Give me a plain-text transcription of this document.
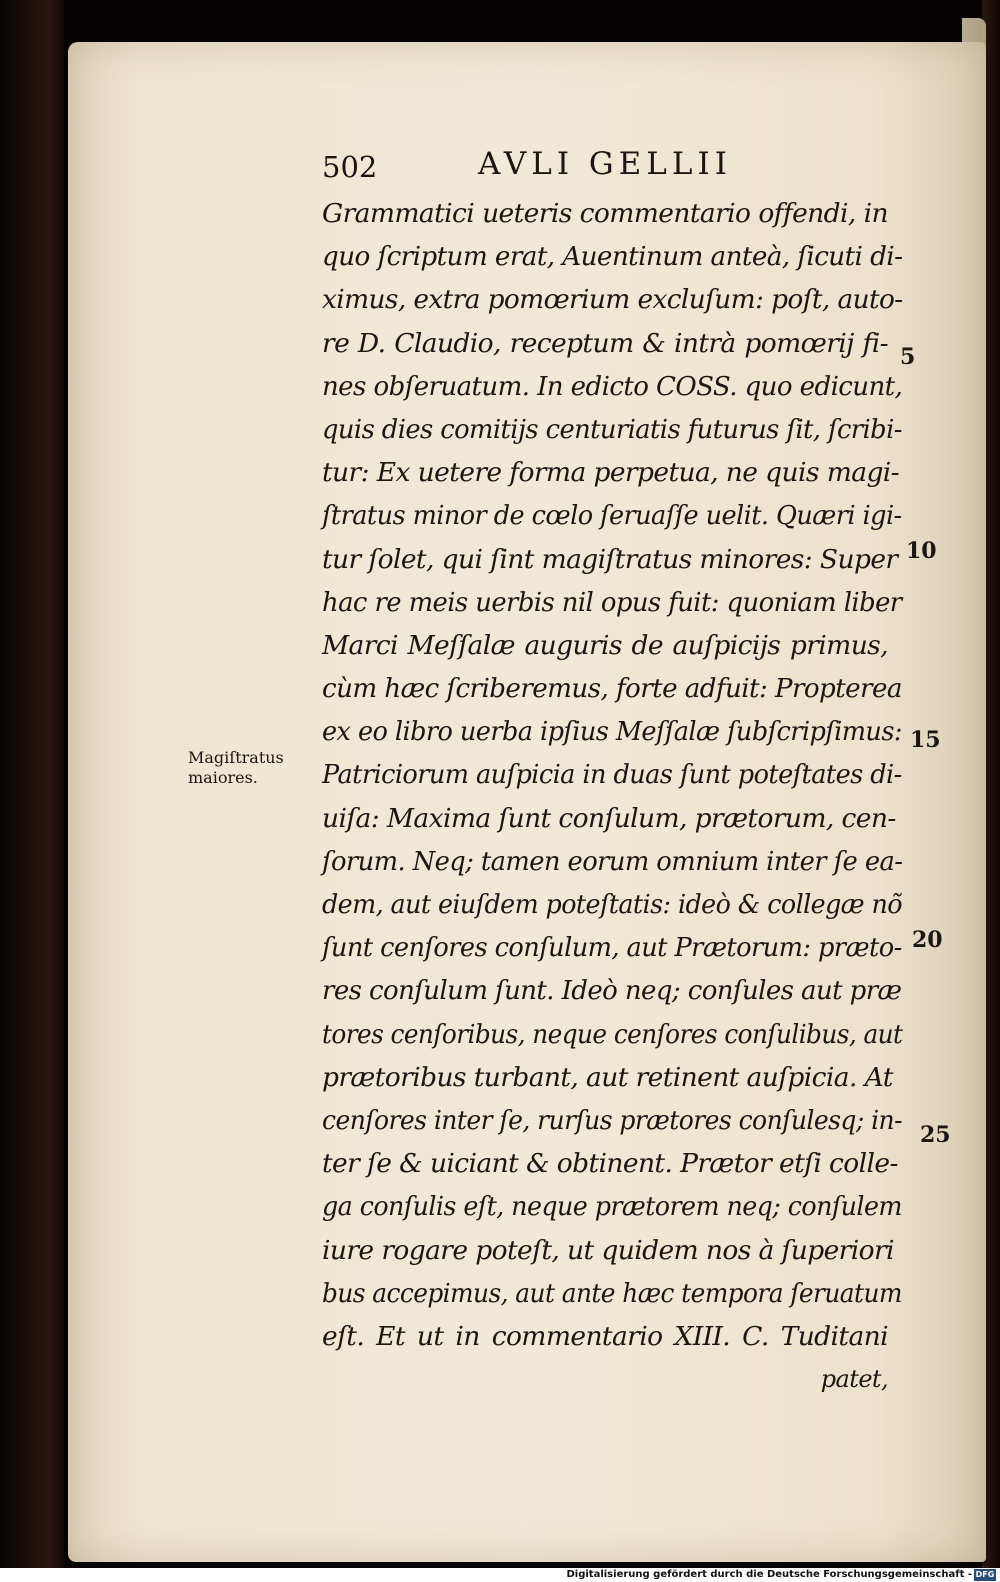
502	AVLI GELLII
Grammatici ueteris commentario offendi, in
quo ſcriptum erat, Auentinum anteà, ſicuti di-
ximus, extra pomœrium excluſum: poſt, auto-
re D. Claudio, receptum & intrà pomœrij fi-
nes obſeruatum. In edicto COSS. quo edicunt,
quis dies comitijs centuriatis futurus ſit, ſcribi-
tur: Ex uetere forma perpetua, ne quis magi-
ſtratus minor de cœlo ſeruaſſe uelit. Quæri igi-
tur ſolet, qui ſint magiſtratus minores: Super
hac re meis uerbis nil opus fuit: quoniam liber
Marci Meſſalæ auguris de auſpicijs primus,
cùm hæc ſcriberemus, forte adfuit: Propterea
ex eo libro uerba ipſius Meſſalæ ſubſcripſimus:
Patriciorum auſpicia in duas ſunt poteſtates di-
uiſa: Maxima ſunt conſulum, prætorum, cen-
ſorum. Neq; tamen eorum omnium inter ſe ea-
dem, aut eiuſdem poteſtatis: ideò & collegæ nõ
ſunt cenſores conſulum, aut Prætorum: præto-
res conſulum ſunt. Ideò neq; conſules aut præ
tores cenſoribus, neque cenſores conſulibus, aut
prætoribus turbant, aut retinent auſpicia. At
cenſores inter ſe, rurſus prætores conſulesq; in-
ter ſe & uiciant & obtinent. Prætor etſi colle-
ga conſulis eſt, neque prætorem neq; conſulem
iure rogare poteſt, ut quidem nos à ſuperiori
bus accepimus, aut ante hæc tempora ſeruatum
eſt. Et ut in commentario XIII. C. Tuditani
patet,
5
10
15
20
25
Magiſtratus
maiores.
Digitalisierung gefördert durch die Deutsche Forschungsgemeinschaft - DFG
